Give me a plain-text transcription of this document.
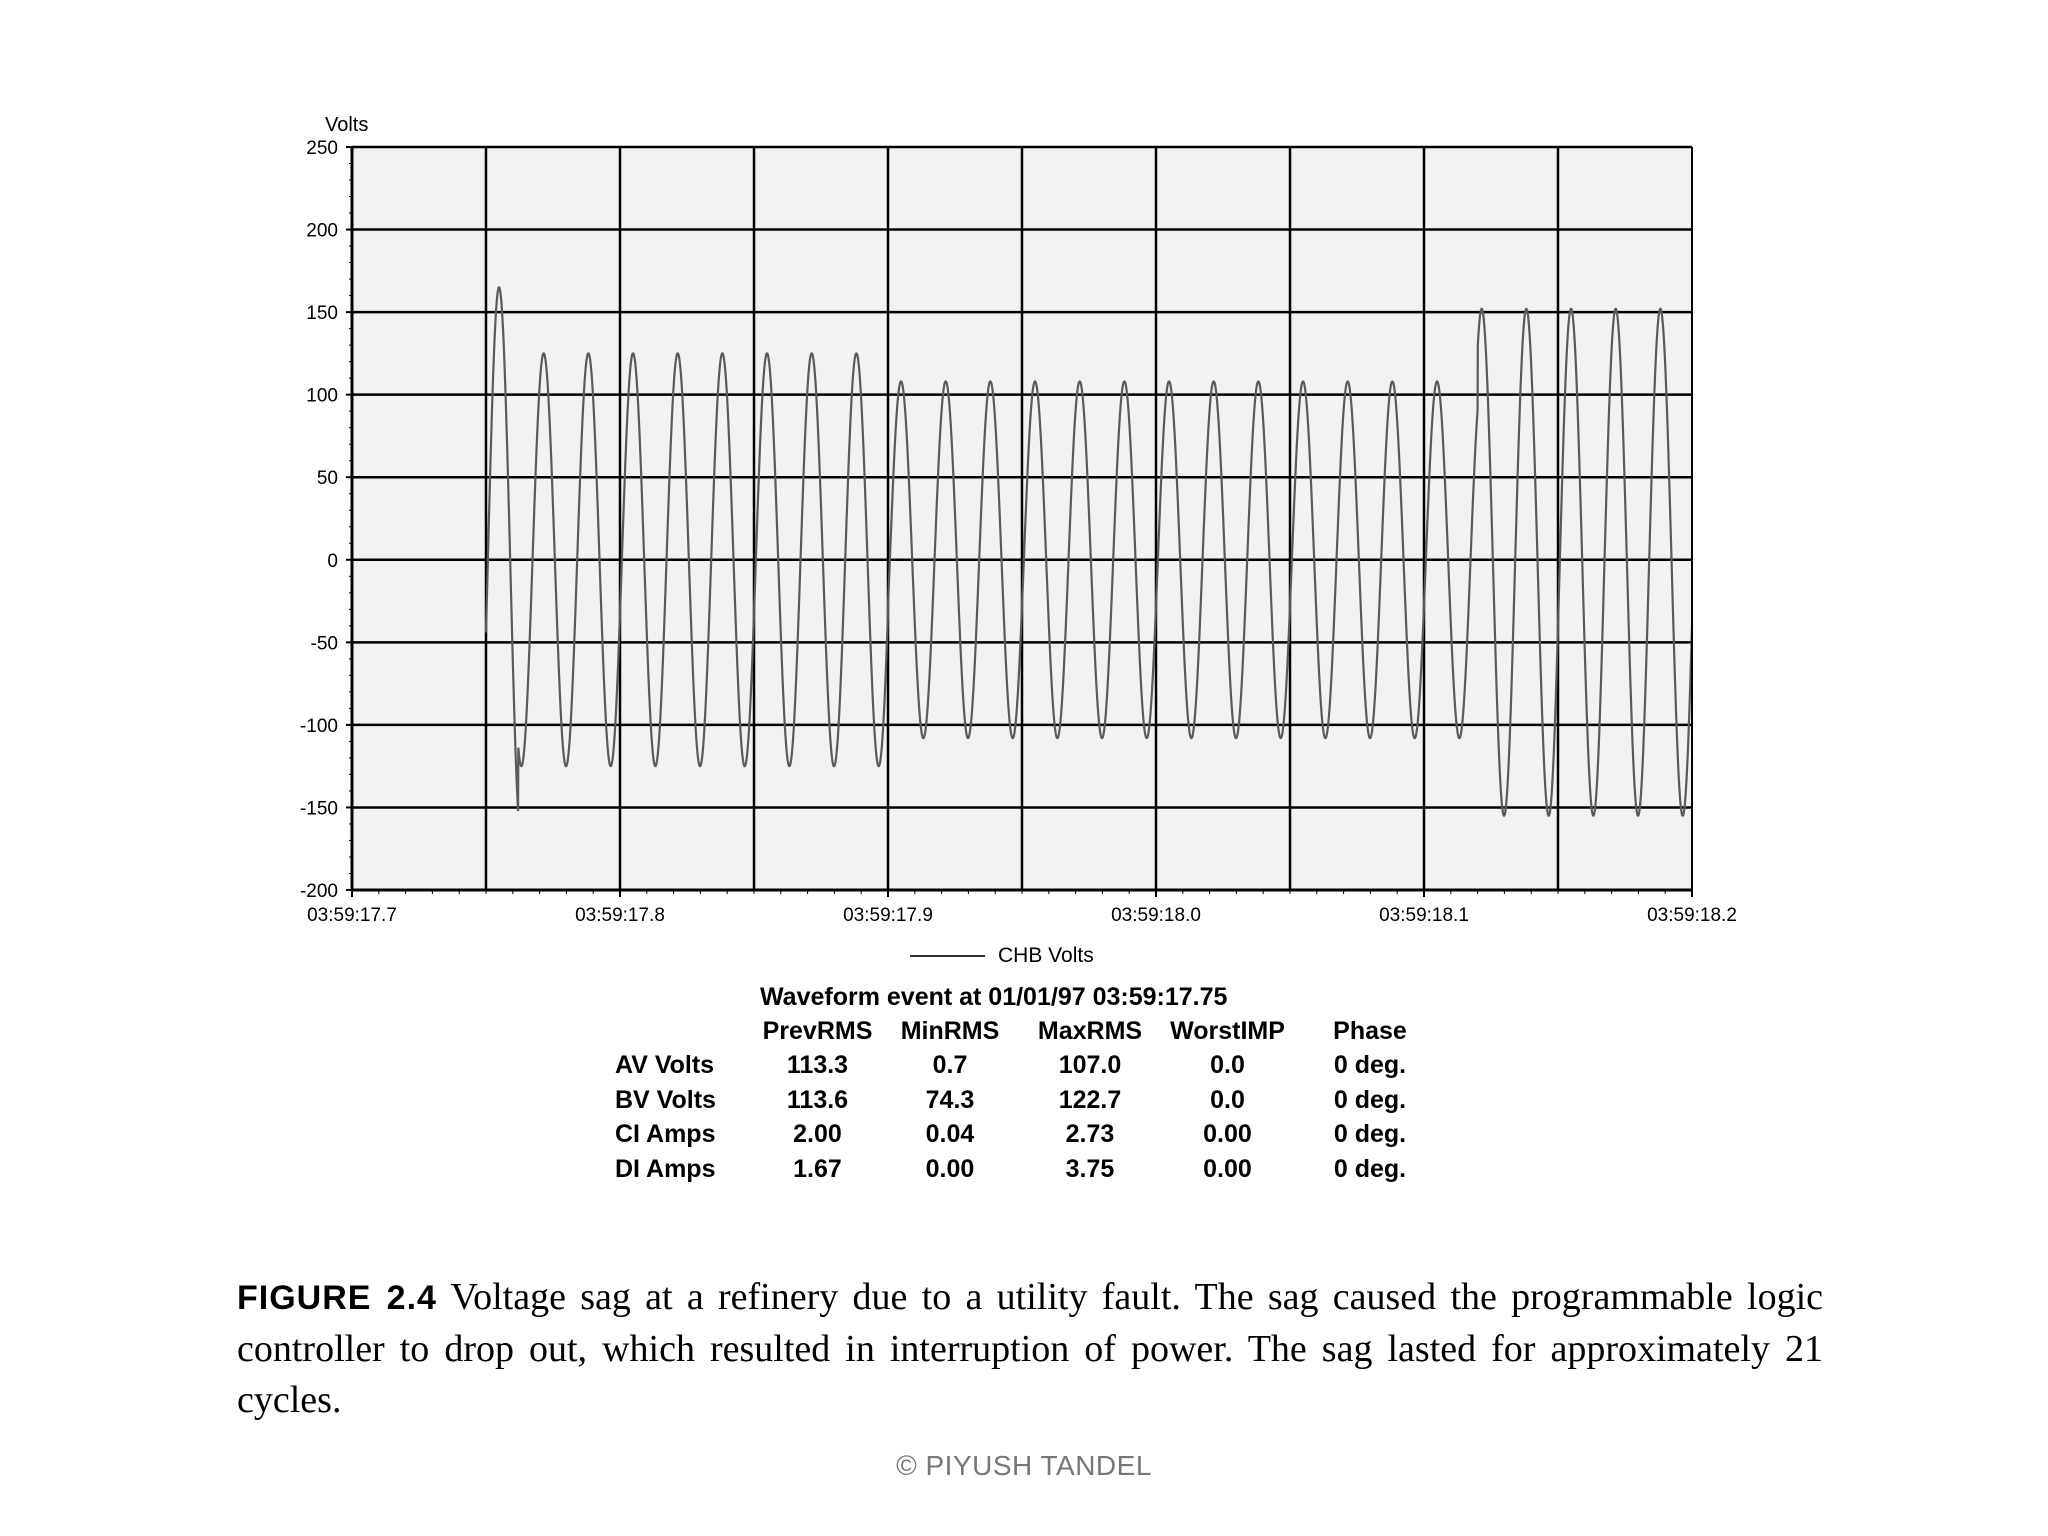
250
200
150
100
50
0
-50
-100
-150
-200
03:59:17.7	03:59:17.8	03:59:17.9	03:59:18.0	03:59:18.1	03:59:18.2
Volts
CHB Volts
Waveform event at 01/01/97 03:59:17.75
	PrevRMS	MinRMS	MaxRMS	WorstIMP	Phase
AV Volts	113.3	0.7	107.0	0.0	0 deg.
BV Volts	113.6	74.3	122.7	0.0	0 deg.
CI Amps	2.00	0.04	2.73	0.00	0 deg.
DI Amps	1.67	0.00	3.75	0.00	0 deg.
FIGURE 2.4 Voltage sag at a refinery due to a utility fault. The sag caused the programmable logic controller to drop out, which resulted in interruption of power. The sag lasted for approximately 21 cycles.
© PIYUSH TANDEL
